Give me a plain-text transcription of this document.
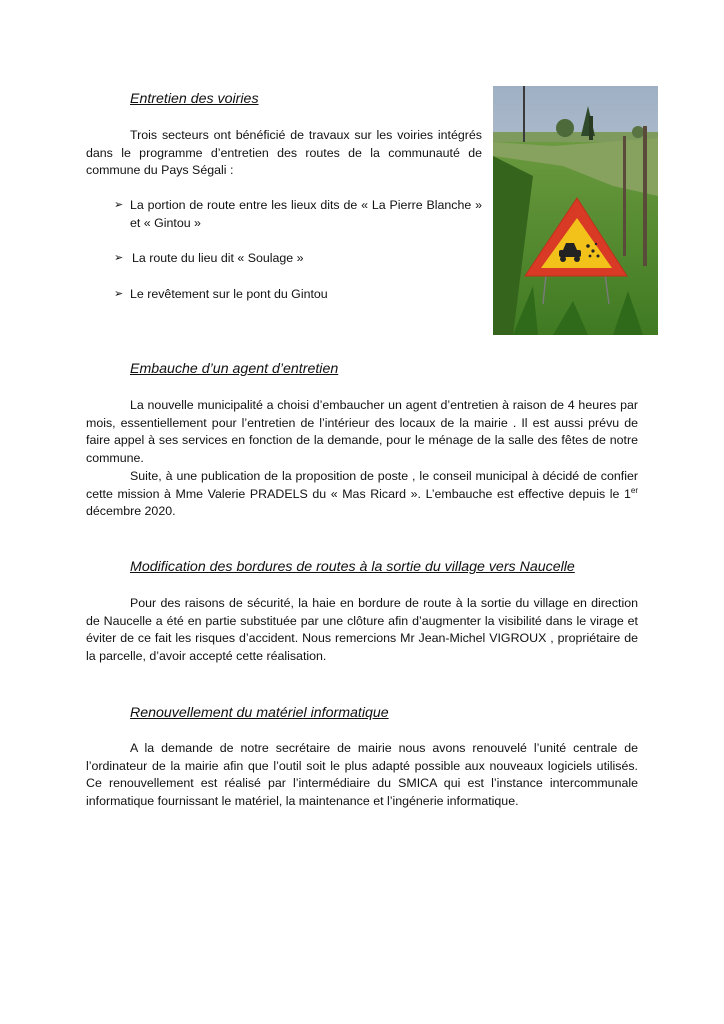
Entretien des voiries

Trois secteurs ont bénéficié de travaux sur les voiries intégrés dans le programme d’entretien des routes de la communauté de commune du Pays Ségali :

➢ La portion de route entre les lieux dits de « La Pierre Blanche » et « Gintou »
➢ La route du lieu dit « Soulage »
➢ Le revêtement sur le pont du Gintou
Embauche d’un agent d’entretien

La nouvelle municipalité a choisi d’embaucher un agent d’entretien à raison de 4 heures par mois, essentiellement pour l’entretien de l’intérieur des locaux de la mairie . Il est aussi prévu de faire appel à ses services en fonction de la demande, pour le ménage de la salle des fêtes de notre commune.

Suite, à une publication de la proposition de poste , le conseil municipal à décidé de confier cette mission à Mme Valerie PRADELS du « Mas Ricard ». L’embauche est effective depuis le 1er décembre 2020.

Modification des bordures de routes à la sortie du village vers Naucelle

Pour des raisons de sécurité, la haie en bordure de route à la sortie du village en direction de Naucelle a été en partie substituée par une clôture afin d’augmenter la visibilité dans le virage et éviter de ce fait les risques d’accident. Nous remercions Mr Jean-Michel VIGROUX , propriétaire de la parcelle, d’avoir accepté cette réalisation.

Renouvellement du matériel informatique

A la demande de notre secrétaire de mairie nous avons renouvelé l’unité centrale de l’ordinateur de la mairie afin que l’outil soit le plus adapté possible aux nouveaux logiciels utilisés. Ce renouvellement est réalisé par l’intermédiaire du SMICA qui est l’instance intercommunale informatique fournissant le matériel, la maintenance et l’ingénerie informatique.
